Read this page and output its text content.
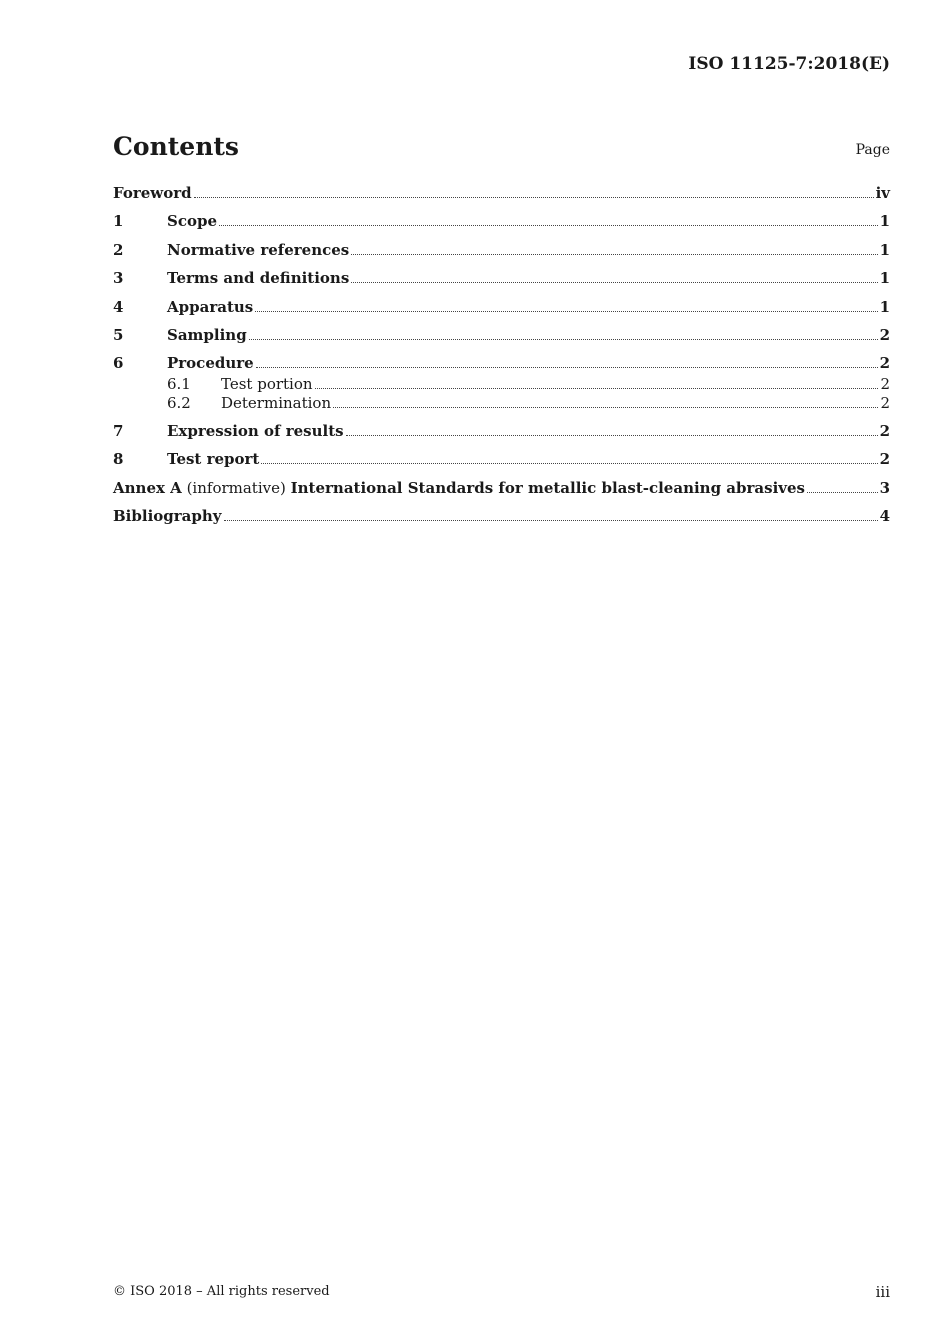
ISO 11125-7:2018(E)
Contents	Page
Foreword	iv
1	Scope	1
2	Normative references	1
3	Terms and definitions	1
4	Apparatus	1
5	Sampling	2
6	Procedure	2
6.1	Test portion	2
6.2	Determination	2
7	Expression of results	2
8	Test report	2
Annex A (informative) International Standards for metallic blast-cleaning abrasives	3
Bibliography	4
© ISO 2018 – All rights reserved	iii
